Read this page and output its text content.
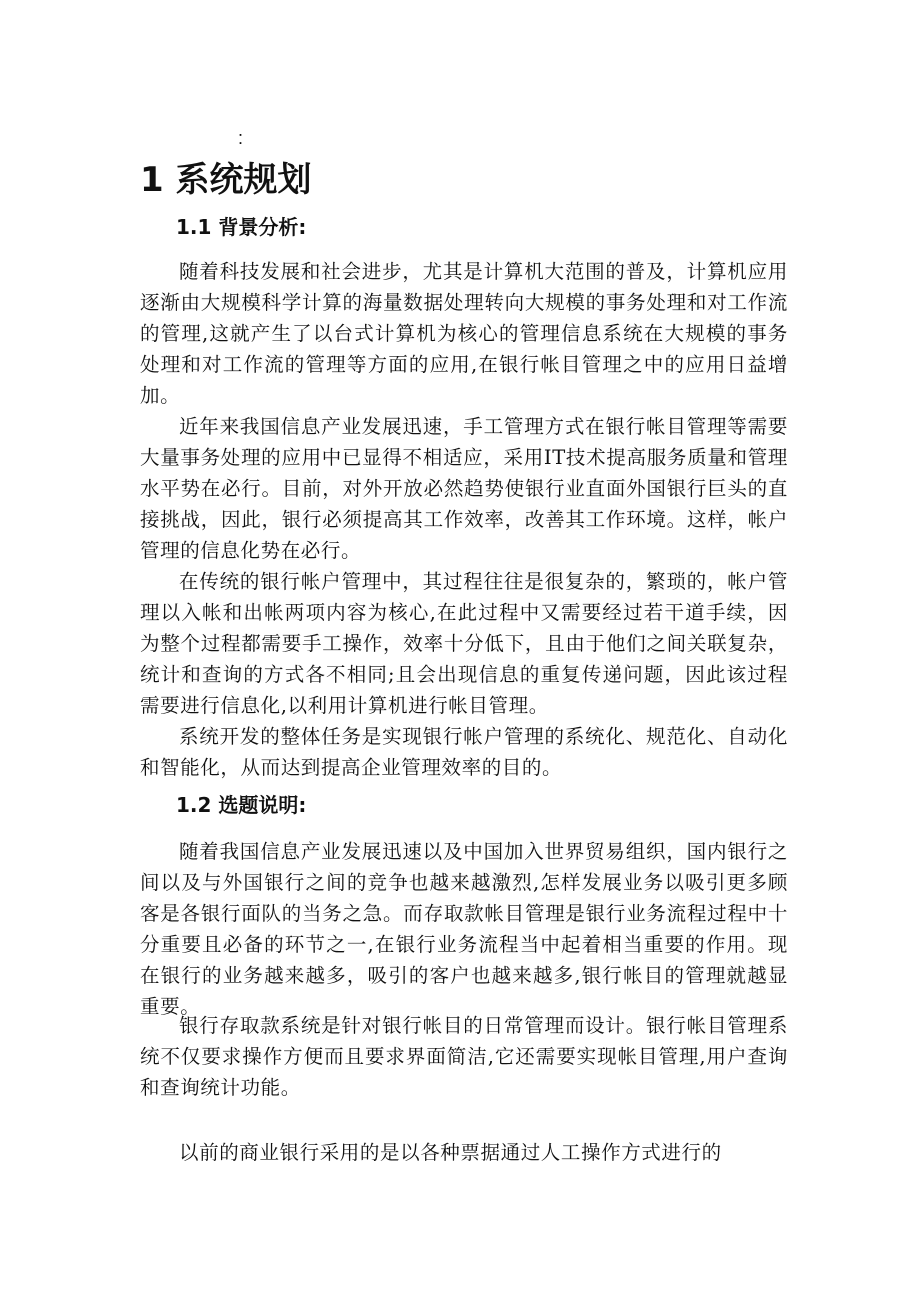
:
1 系统规划
1.1 背景分析:

随着科技发展和社会进步，尤其是计算机大范围的普及，计算机应用逐渐由大规模科学计算的海量数据处理转向大规模的事务处理和对工作流的管理,这就产生了以台式计算机为核心的管理信息系统在大规模的事务处理和对工作流的管理等方面的应用,在银行帐目管理之中的应用日益增加。

近年来我国信息产业发展迅速，手工管理方式在银行帐目管理等需要大量事务处理的应用中已显得不相适应，采用IT技术提高服务质量和管理水平势在必行。目前，对外开放必然趋势使银行业直面外国银行巨头的直接挑战，因此，银行必须提高其工作效率，改善其工作环境。这样，帐户管理的信息化势在必行。

在传统的银行帐户管理中，其过程往往是很复杂的，繁琐的，帐户管理以入帐和出帐两项内容为核心,在此过程中又需要经过若干道手续，因为整个过程都需要手工操作，效率十分低下，且由于他们之间关联复杂，统计和查询的方式各不相同;且会出现信息的重复传递问题，因此该过程需要进行信息化,以利用计算机进行帐目管理。

系统开发的整体任务是实现银行帐户管理的系统化、规范化、自动化和智能化，从而达到提高企业管理效率的目的。

1.2 选题说明:

随着我国信息产业发展迅速以及中国加入世界贸易组织，国内银行之间以及与外国银行之间的竞争也越来越激烈,怎样发展业务以吸引更多顾客是各银行面队的当务之急。而存取款帐目管理是银行业务流程过程中十分重要且必备的环节之一,在银行业务流程当中起着相当重要的作用。现在银行的业务越来越多，吸引的客户也越来越多,银行帐目的管理就越显重要。

银行存取款系统是针对银行帐目的日常管理而设计。银行帐目管理系统不仅要求操作方便而且要求界面简洁,它还需要实现帐目管理,用户查询和查询统计功能。

以前的商业银行采用的是以各种票据通过人工操作方式进行的
